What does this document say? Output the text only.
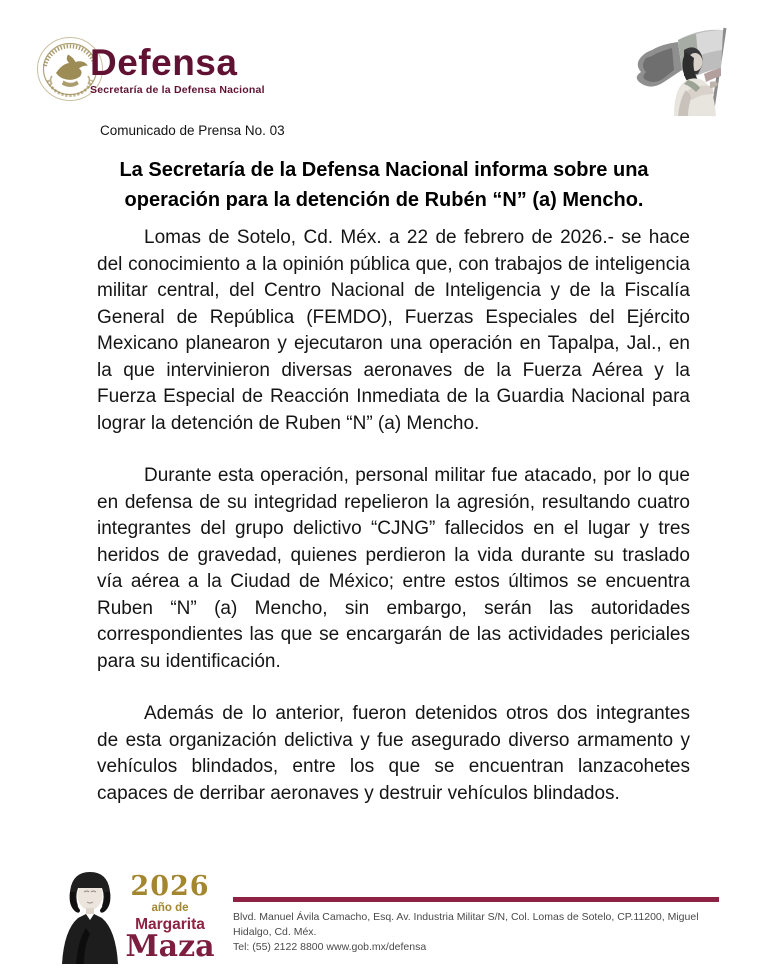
Defensa
Secretaría de la Defensa Nacional
Comunicado de Prensa No. 03
La Secretaría de la Defensa Nacional informa sobre una
operación para la detención de Rubén “N” (a) Mencho.

Lomas de Sotelo, Cd. Méx. a 22 de febrero de 2026.- se hace del conocimiento a la opinión pública que, con trabajos de inteligencia militar central, del Centro Nacional de Inteligencia y de la Fiscalía General de República (FEMDO), Fuerzas Especiales del Ejército Mexicano planearon y ejecutaron una operación en Tapalpa, Jal., en la que intervinieron diversas aeronaves de la Fuerza Aérea y la Fuerza Especial de Reacción Inmediata de la Guardia Nacional para lograr la detención de Ruben “N” (a) Mencho.

Durante esta operación, personal militar fue atacado, por lo que en defensa de su integridad repelieron la agresión, resultando cuatro integrantes del grupo delictivo “CJNG” fallecidos en el lugar y tres heridos de gravedad, quienes perdieron la vida durante su traslado vía aérea a la Ciudad de México; entre estos últimos se encuentra Ruben “N” (a) Mencho, sin embargo, serán las autoridades correspondientes las que se encargarán de las actividades periciales para su identificación.

Además de lo anterior, fueron detenidos otros dos integrantes de esta organización delictiva y fue asegurado diverso armamento y vehículos blindados, entre los que se encuentran lanzacohetes capaces de derribar aeronaves y destruir vehículos blindados.

2026
año de
Margarita
Maza
Blvd. Manuel Ávila Camacho, Esq. Av. Industria Militar S/N, Col. Lomas de Sotelo, CP.11200, Miguel Hidalgo, Cd. Méx.
Tel: (55) 2122 8800 www.gob.mx/defensa
